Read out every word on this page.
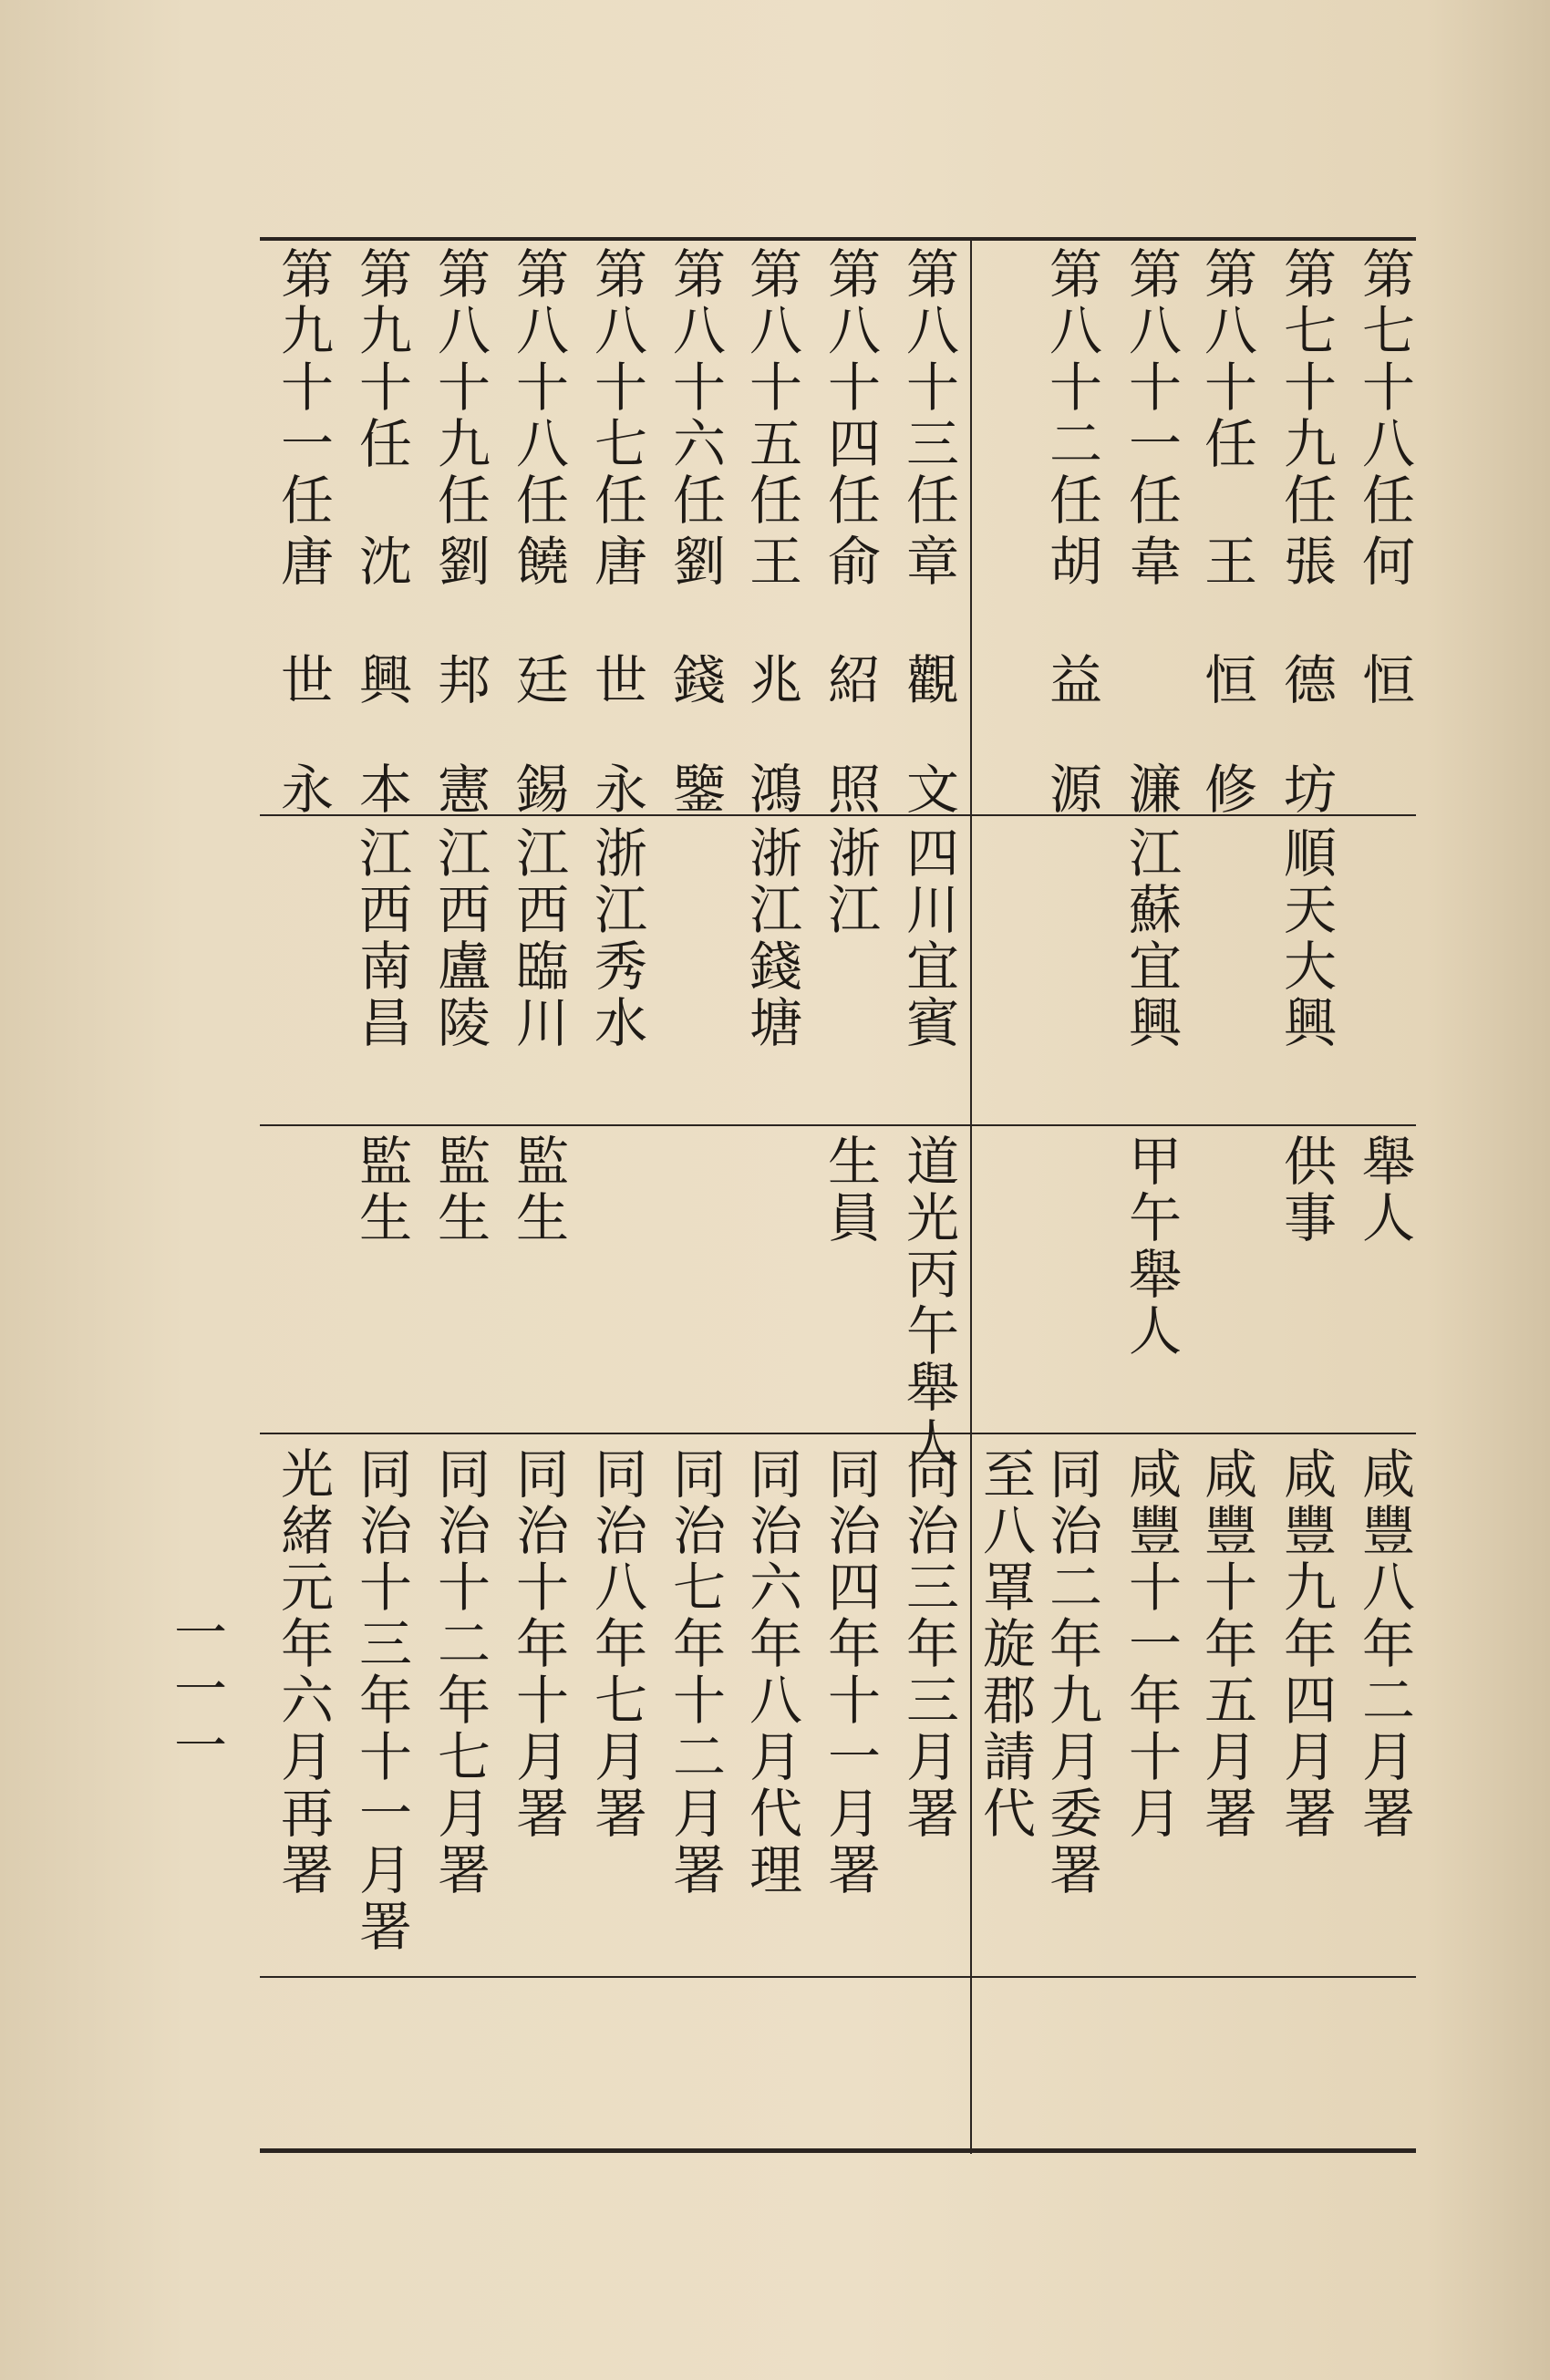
第七十八任
何
恒
舉人
咸豐八年二月署
第七十九任
張
德
坊
順天大興
供事
咸豐九年四月署
第八十任
王
恒
修
咸豐十年五月署
第八十一任
韋
濂
江蘇宜興
甲午舉人
咸豐十一年十月
第八十二任
胡
益
源
同治二年九月委署
至八罩旋郡請代
第八十三任
章
觀
文
四川宜賓
道光丙午舉人
同治三年三月署
第八十四任
俞
紹
照
浙江
生員
同治四年十一月署
第八十五任
王
兆
鴻
浙江錢塘
同治六年八月代理
第八十六任
劉
錢
鑒
同治七年十二月署
第八十七任
唐
世
永
浙江秀水
同治八年七月署
第八十八任
饒
廷
錫
江西臨川
監生
同治十年十月署
第八十九任
劉
邦
憲
江西盧陵
監生
同治十二年七月署
第九十任
沈
興
本
江西南昌
監生
同治十三年十一月署
第九十一任
唐
世
永
光緒元年六月再署
一一一
